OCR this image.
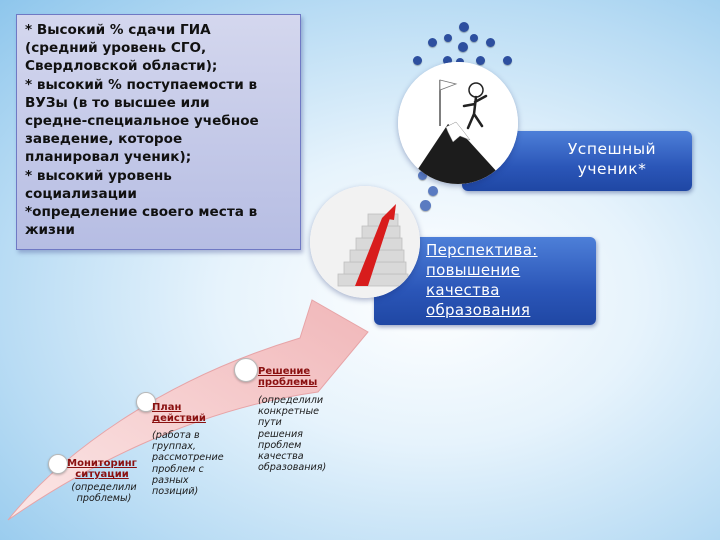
* Высокий % сдачи ГИА

(средний уровень СГО,

Свердловской области);

* высокий % поступаемости в

ВУЗы (в то высшее или

средне-специальное учебное

заведение, которое

планировал ученик);

* высокий уровень

социализации

*определение своего места в

жизни

Успешный
ученик*
Перспектива:
повышение
качества
образования
Мониторинг
ситуации
(определили
проблемы)
План
действий
(работа в
группах,
рассмотрение
проблем с
разных
позиций)
Решение
проблемы
(определили
конкретные
пути
решения
проблем
качества
образования)
